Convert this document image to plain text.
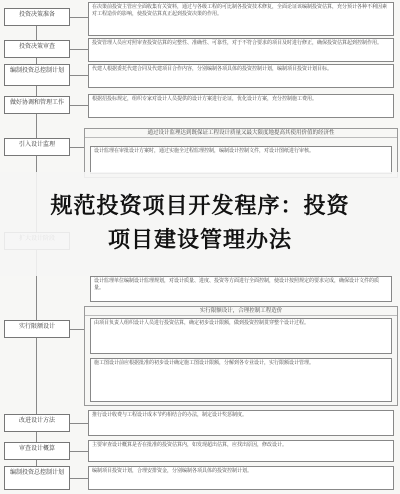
投资决策准备
投资决策审查
编制投资总控制计划
做好协调和管理工作
引入设计监理
实行限额设计
改进设计方法
审查设计概算
编制投资总控制计划

在决策前投资主管应全面收集有关资料，通过与各级工程的可比制各投资技术修复，全面论证该编制投资估算，充分预计各种不利因素对工程造价的影响，使投资估算真正起到投资决策的作用。

投资管理人员应对照审查投资估算的完整性、准确性、可靠性，对于不符合要求的项目及时进行修正，确保投资估算起到控制作用。

代建人根据委托代建合同及代建项目合作内容，分别编制各项具体的投资控制计划，编制项目投资计划目标。

根据招投标规定，组织专家对设计人员提供的设计方案进行论证，优化设计方案，充分控制施工费用。

通过设计监理达到既保证工程设计质量又最大限度地提高其使用价值的经济性

设计监理在审批设计方案时，通过实施全过程监理控制，编制设计控制文件，对设计图纸进行审核。

设计监理单位编制设计监理规划，对设计质量、进度、投资等方面进行全面控制，使设计按照规定的要求完成，确保设计文件的质量。

实行限额设计，合理控制工程造价

由项目负责人组织设计人员进行投资估算，确定初步设计限额，做到投资控制贯穿整个设计过程。

施工图设计前应根据批准的初步设计确定施工图设计限额，分解到各专业设计，实行限额设计管理。

推行设计收费与工程设计成本节约相结合的办法，制定设计奖惩制度。

主要审查设计概算是否在批准的投资估算内，如发现超出估算，应找出原因，修改设计。

编制项目投资计划，合理安排资金，分别编制各项具体的投资控制计划。

规范投资项目开发程序：投资
项目建设管理办法
